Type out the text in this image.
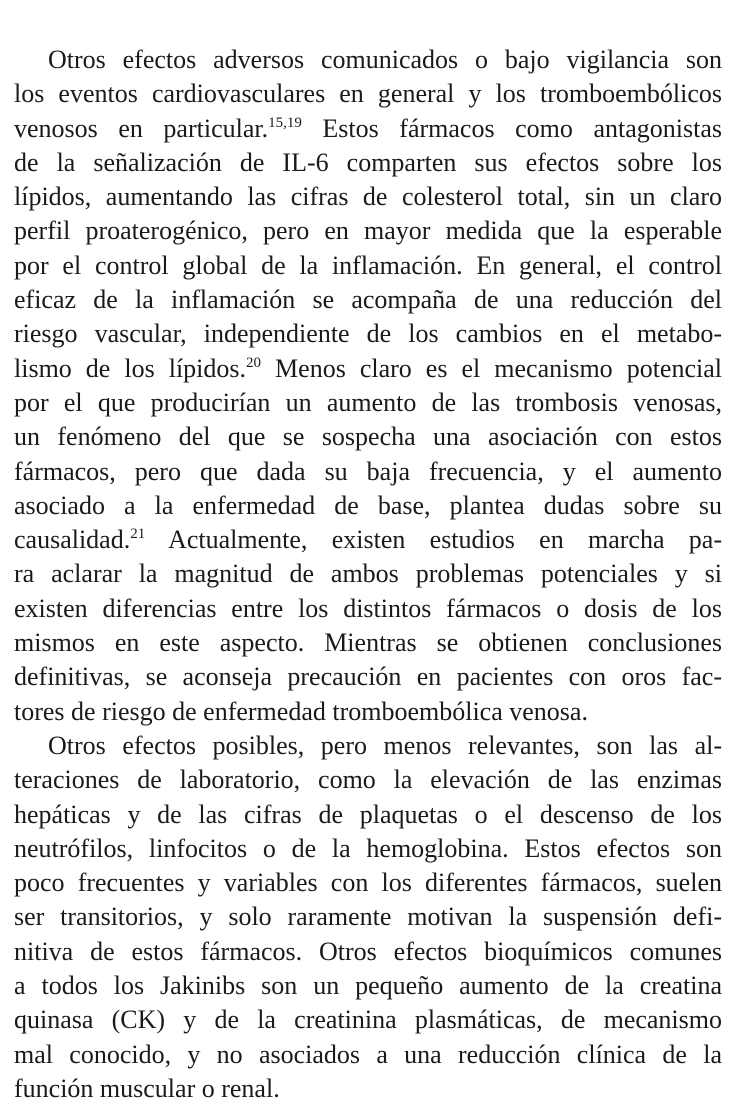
Otros efectos adversos comunicados o bajo vigilancia son
los eventos cardiovasculares en general y los tromboembólicos
venosos en particular.$^{15,19}$ Estos fármacos como antagonistas
de la señalización de IL-6 comparten sus efectos sobre los
lípidos, aumentando las cifras de colesterol total, sin un claro
perfil proaterogénico, pero en mayor medida que la esperable
por el control global de la inflamación. En general, el control
eficaz de la inflamación se acompaña de una reducción del
riesgo vascular, independiente de los cambios en el metabo-
lismo de los lípidos.$^{20}$ Menos claro es el mecanismo potencial
por el que producirían un aumento de las trombosis venosas,
un fenómeno del que se sospecha una asociación con estos
fármacos, pero que dada su baja frecuencia, y el aumento
asociado a la enfermedad de base, plantea dudas sobre su
causalidad.$^{21}$ Actualmente, existen estudios en marcha pa-
ra aclarar la magnitud de ambos problemas potenciales y si
existen diferencias entre los distintos fármacos o dosis de los
mismos en este aspecto. Mientras se obtienen conclusiones
definitivas, se aconseja precaución en pacientes con oros fac-
tores de riesgo de enfermedad tromboembólica venosa.
Otros efectos posibles, pero menos relevantes, son las al-
teraciones de laboratorio, como la elevación de las enzimas
hepáticas y de las cifras de plaquetas o el descenso de los
neutrófilos, linfocitos o de la hemoglobina. Estos efectos son
poco frecuentes y variables con los diferentes fármacos, suelen
ser transitorios, y solo raramente motivan la suspensión defi-
nitiva de estos fármacos. Otros efectos bioquímicos comunes
a todos los Jakinibs son un pequeño aumento de la creatina
quinasa (CK) y de la creatinina plasmáticas, de mecanismo
mal conocido, y no asociados a una reducción clínica de la
función muscular o renal.
